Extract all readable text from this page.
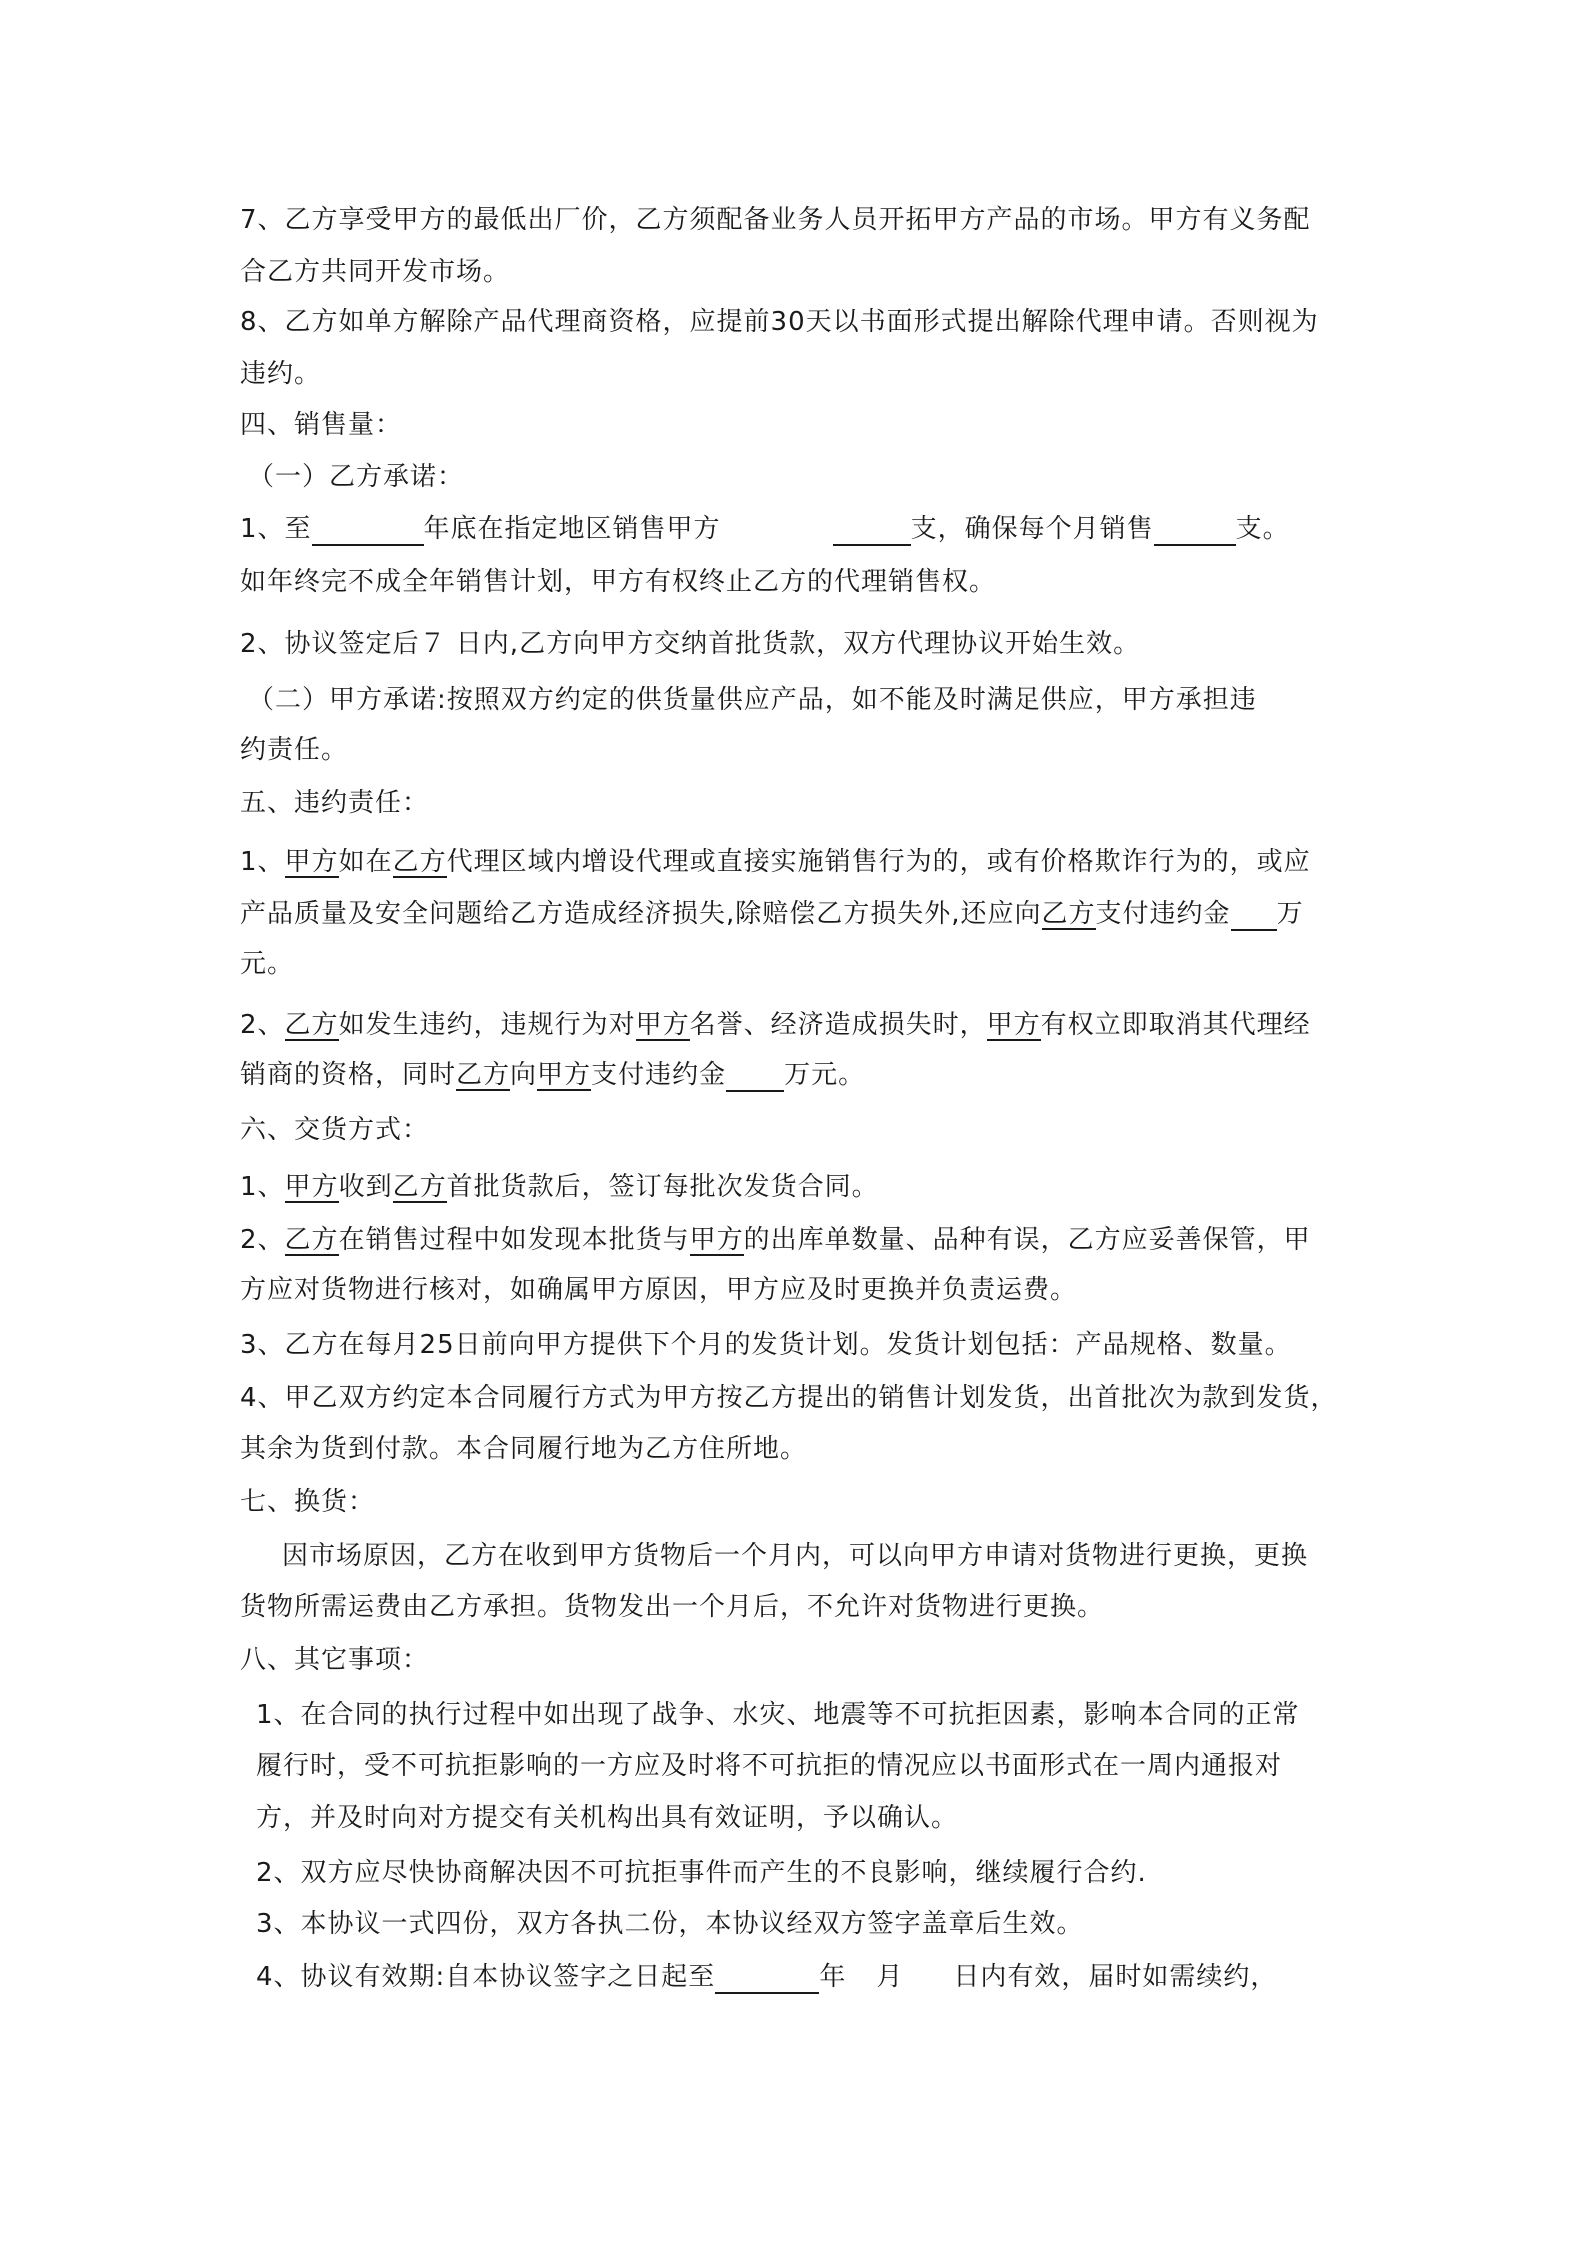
7、乙方享受甲方的最低出厂价，乙方须配备业务人员开拓甲方产品的市场。甲方有义务配
合乙方共同开发市场。
8、乙方如单方解除产品代理商资格，应提前30天以书面形式提出解除代理申请。否则视为
违约。
四、销售量：
（一）乙方承诺：
1、至	年底在指定地区销售甲方	支，确保每个月销售	支。
如年终完不成全年销售计划，甲方有权终止乙方的代理销售权。
2、协议签定后７ 日内,乙方向甲方交纳首批货款，双方代理协议开始生效。
（二）甲方承诺:按照双方约定的供货量供应产品，如不能及时满足供应，甲方承担违
约责任。
五、违约责任：
1、甲方如在乙方代理区域内增设代理或直接实施销售行为的，或有价格欺诈行为的，或应
产品质量及安全问题给乙方造成经济损失,除赔偿乙方损失外,还应向乙方支付违约金 万
元。
2、乙方如发生违约，违规行为对甲方名誉、经济造成损失时，甲方有权立即取消其代理经
销商的资格，同时乙方向甲方支付违约金 万元。
六、交货方式：
1、甲方收到乙方首批货款后，签订每批次发货合同。
2、乙方在销售过程中如发现本批货与甲方的出库单数量、品种有误，乙方应妥善保管，甲
方应对货物进行核对，如确属甲方原因，甲方应及时更换并负责运费。
3、乙方在每月25日前向甲方提供下个月的发货计划。发货计划包括：产品规格、数量。
4、甲乙双方约定本合同履行方式为甲方按乙方提出的销售计划发货，出首批次为款到发货，
其余为货到付款。本合同履行地为乙方住所地。
七、换货：
因市场原因，乙方在收到甲方货物后一个月内，可以向甲方申请对货物进行更换，更换
货物所需运费由乙方承担。货物发出一个月后，不允许对货物进行更换。
八、其它事项：
1、在合同的执行过程中如出现了战争、水灾、地震等不可抗拒因素，影响本合同的正常
履行时，受不可抗拒影响的一方应及时将不可抗拒的情况应以书面形式在一周内通报对
方，并及时向对方提交有关机构出具有效证明，予以确认。
2、双方应尽快协商解决因不可抗拒事件而产生的不良影响，继续履行合约.
3、本协议一式四份，双方各执二份，本协议经双方签字盖章后生效。
4、协议有效期:自本协议签字之日起至	年 月 日内有效，届时如需续约，
